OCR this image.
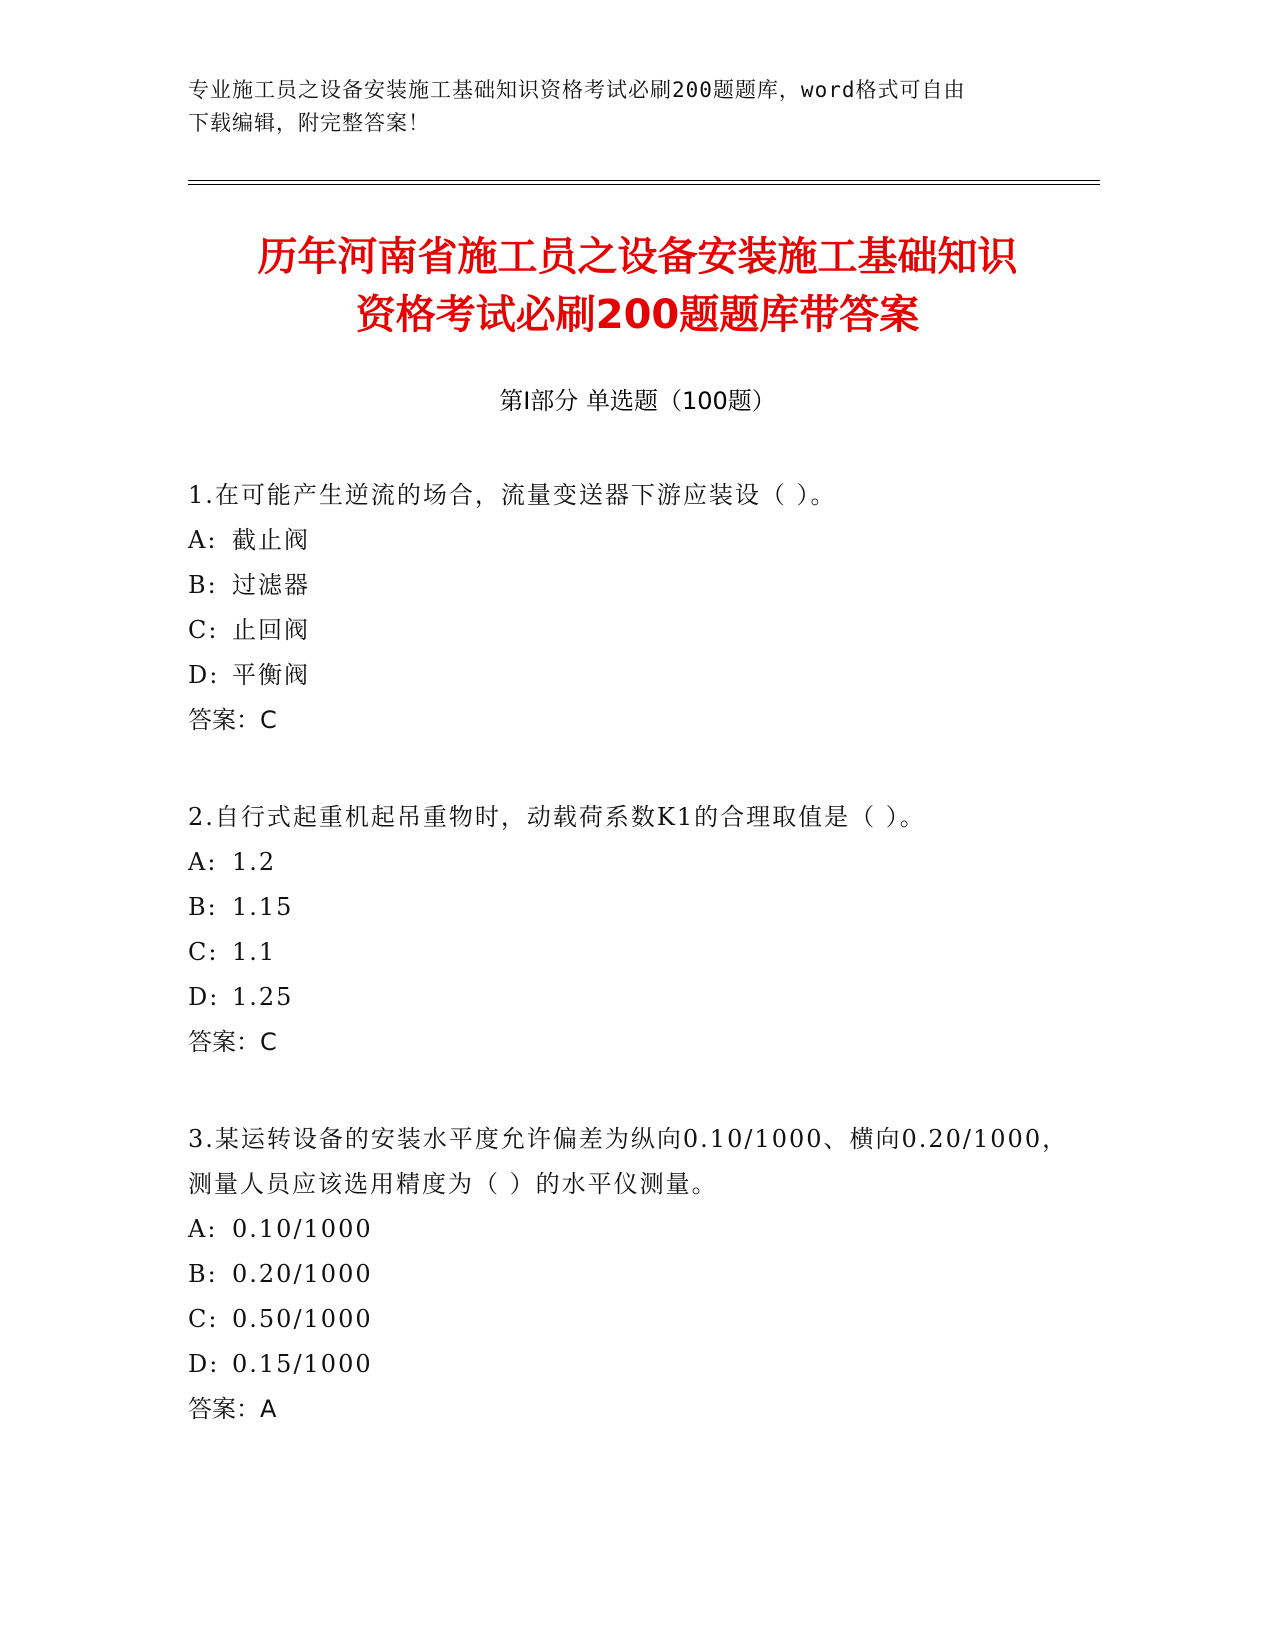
专业施工员之设备安装施工基础知识资格考试必刷200题题库，word格式可自由
下载编辑，附完整答案！
历年河南省施工员之设备安装施工基础知识
资格考试必刷200题题库带答案
第Ⅰ部分 单选题（100题）
1.在可能产生逆流的场合，流量变送器下游应装设（ ）。
A: 截止阀
B: 过滤器
C: 止回阀
D: 平衡阀
答案：C
2.自行式起重机起吊重物时，动载荷系数K1的合理取值是（ ）。
A: 1.2
B: 1.15
C: 1.1
D: 1.25
答案：C
3.某运转设备的安装水平度允许偏差为纵向0.10/1000、横向0.20/1000，测量人员应该选用精度为（ ）的水平仪测量。
A: 0.10/1000
B: 0.20/1000
C: 0.50/1000
D: 0.15/1000
答案：A
